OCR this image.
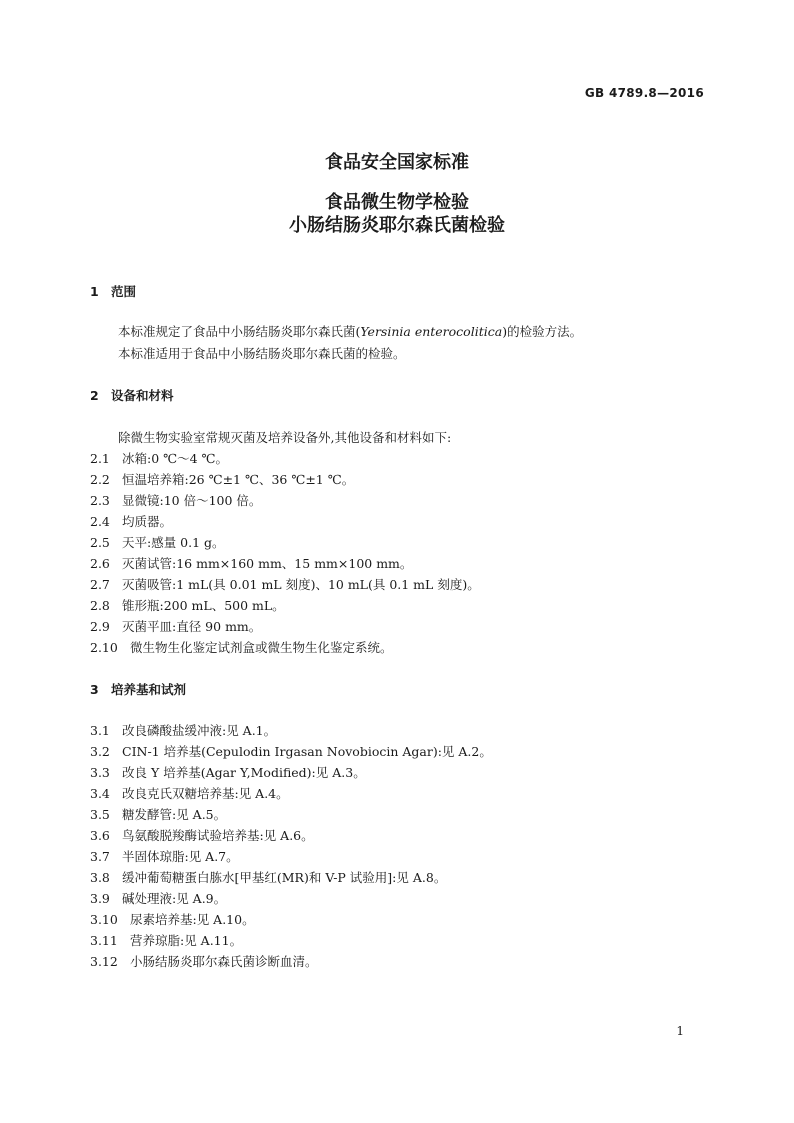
GB 4789.8—2016
食品安全国家标准
食品微生物学检验
小肠结肠炎耶尔森氏菌检验
1 范围
本标准规定了食品中小肠结肠炎耶尔森氏菌(Yersinia enterocolitica)的检验方法。
本标准适用于食品中小肠结肠炎耶尔森氏菌的检验。
2 设备和材料
除微生物实验室常规灭菌及培养设备外,其他设备和材料如下:
2.1 冰箱:0 ℃～4 ℃。
2.2 恒温培养箱:26 ℃±1 ℃、36 ℃±1 ℃。
2.3 显微镜:10 倍～100 倍。
2.4 均质器。
2.5 天平:感量 0.1 g。
2.6 灭菌试管:16 mm×160 mm、15 mm×100 mm。
2.7 灭菌吸管:1 mL(具 0.01 mL 刻度)、10 mL(具 0.1 mL 刻度)。
2.8 锥形瓶:200 mL、500 mL。
2.9 灭菌平皿:直径 90 mm。
2.10 微生物生化鉴定试剂盒或微生物生化鉴定系统。
3 培养基和试剂
3.1 改良磷酸盐缓冲液:见 A.1。
3.2 CIN-1 培养基(Cepulodin Irgasan Novobiocin Agar):见 A.2。
3.3 改良 Y 培养基(Agar Y,Modified):见 A.3。
3.4 改良克氏双糖培养基:见 A.4。
3.5 糖发酵管:见 A.5。
3.6 鸟氨酸脱羧酶试验培养基:见 A.6。
3.7 半固体琼脂:见 A.7。
3.8 缓冲葡萄糖蛋白胨水[甲基红(MR)和 V-P 试验用]:见 A.8。
3.9 碱处理液:见 A.9。
3.10 尿素培养基:见 A.10。
3.11 营养琼脂:见 A.11。
3.12 小肠结肠炎耶尔森氏菌诊断血清。
1
